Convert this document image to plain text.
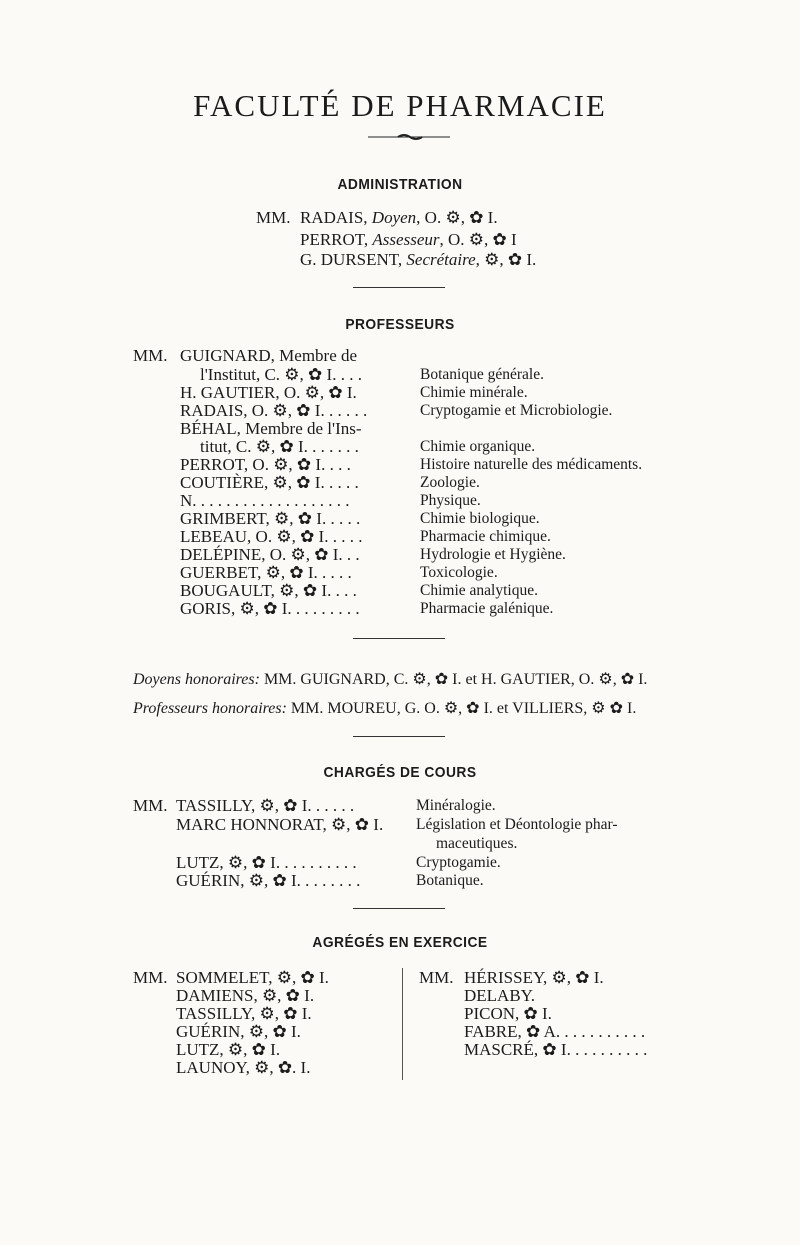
FACULTÉ DE PHARMACIE
ADMINISTRATION
MM. RADAIS, Doyen, O. ⚙, ✿ I.
PERROT, Assesseur, O. ⚙, ✿ I
G. DURSENT, Secrétaire, ⚙, ✿ I.
PROFESSEURS
MM. GUIGNARD, Membre de
l'Institut, C. ⚙, ✿ I. . . .
H. GAUTIER, O. ⚙, ✿ I.
RADAIS, O. ⚙, ✿ I. . . . . .
BÉHAL, Membre de l'Ins-
titut, C. ⚙, ✿ I. . . . . . .
PERROT, O. ⚙, ✿ I. . . .
COUTIÈRE, ⚙, ✿ I. . . . .
N. . . . . . . . . . . . . . . . . . .
GRIMBERT, ⚙, ✿ I. . . . .
LEBEAU, O. ⚙, ✿ I. . . . .
DELÉPINE, O. ⚙, ✿ I. . .
GUERBET, ⚙, ✿ I. . . . .
BOUGAULT, ⚙, ✿ I. . . .
GORIS, ⚙, ✿ I. . . . . . . . .
Botanique générale.
Chimie minérale.
Cryptogamie et Microbiologie.
Chimie organique.
Histoire naturelle des médicaments.
Zoologie.
Physique.
Chimie biologique.
Pharmacie chimique.
Hydrologie et Hygiène.
Toxicologie.
Chimie analytique.
Pharmacie galénique.
Doyens honoraires: MM. GUIGNARD, C. ⚙, ✿ I. et H. GAUTIER, O. ⚙, ✿ I.
Professeurs honoraires: MM. MOUREU, G. O. ⚙, ✿ I. et VILLIERS, ⚙ ✿ I.
CHARGÉS DE COURS
MM. TASSILLY, ⚙, ✿ I. . . . . .
MARC HONNORAT, ⚙, ✿ I.
LUTZ, ⚙, ✿ I. . . . . . . . . .
GUÉRIN, ⚙, ✿ I. . . . . . . .
Minéralogie.
Législation et Déontologie phar-
maceutiques.
Cryptogamie.
Botanique.
AGRÉGÉS EN EXERCICE
MM. SOMMELET, ⚙, ✿ I.
DAMIENS, ⚙, ✿ I.
TASSILLY, ⚙, ✿ I.
GUÉRIN, ⚙, ✿ I.
LUTZ, ⚙, ✿ I.
LAUNOY, ⚙, ✿. I.
MM. HÉRISSEY, ⚙, ✿ I.
DELABY.
PICON, ✿ I.
FABRE, ✿ A. . . . . . . . . . .
MASCRÉ, ✿ I. . . . . . . . . .
